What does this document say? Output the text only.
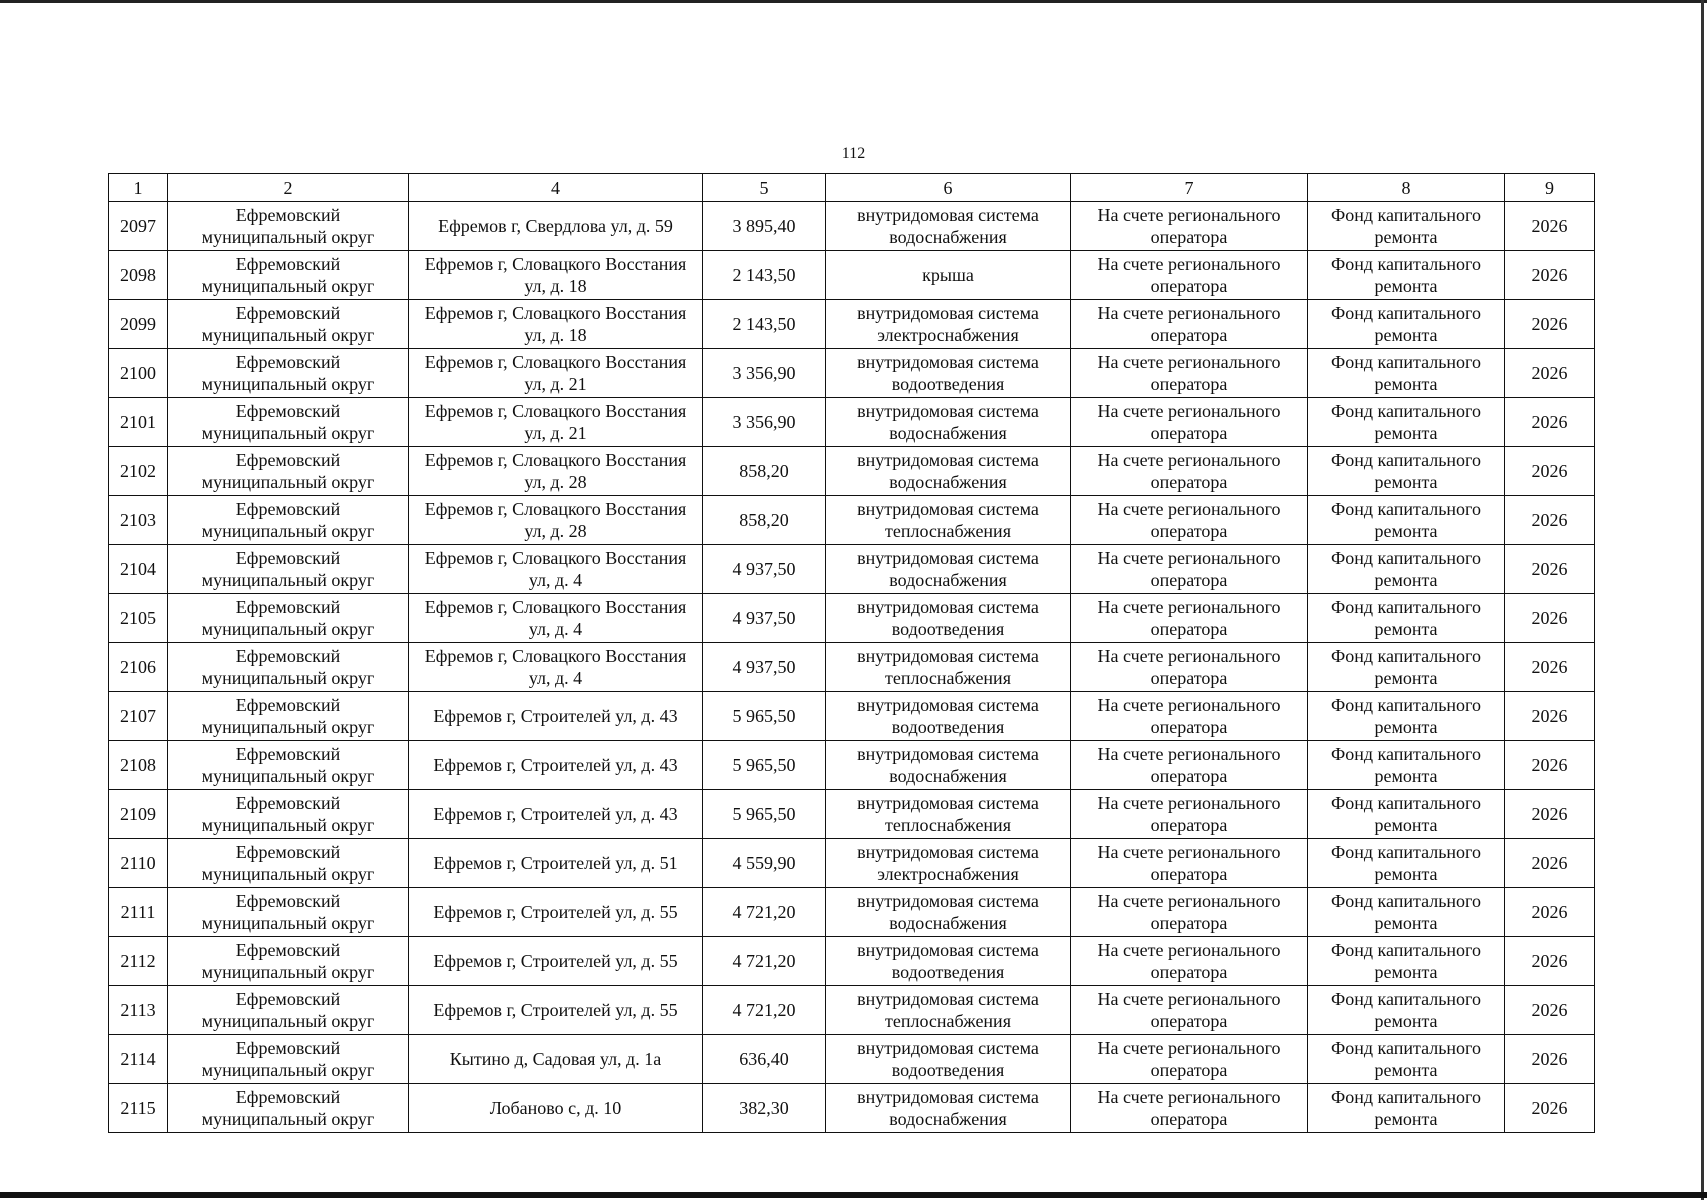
112
1	2	4	5	6	7	8	9
2097	Ефремовский муниципальный округ	Ефремов г, Свердлова ул, д. 59	3 895,40	внутридомовая система водоснабжения	На счете регионального оператора	Фонд капитального ремонта	2026
2098	Ефремовский муниципальный округ	Ефремов г, Словацкого Восстания ул, д. 18	2 143,50	крыша	На счете регионального оператора	Фонд капитального ремонта	2026
2099	Ефремовский муниципальный округ	Ефремов г, Словацкого Восстания ул, д. 18	2 143,50	внутридомовая система электроснабжения	На счете регионального оператора	Фонд капитального ремонта	2026
2100	Ефремовский муниципальный округ	Ефремов г, Словацкого Восстания ул, д. 21	3 356,90	внутридомовая система водоотведения	На счете регионального оператора	Фонд капитального ремонта	2026
2101	Ефремовский муниципальный округ	Ефремов г, Словацкого Восстания ул, д. 21	3 356,90	внутридомовая система водоснабжения	На счете регионального оператора	Фонд капитального ремонта	2026
2102	Ефремовский муниципальный округ	Ефремов г, Словацкого Восстания ул, д. 28	858,20	внутридомовая система водоснабжения	На счете регионального оператора	Фонд капитального ремонта	2026
2103	Ефремовский муниципальный округ	Ефремов г, Словацкого Восстания ул, д. 28	858,20	внутридомовая система теплоснабжения	На счете регионального оператора	Фонд капитального ремонта	2026
2104	Ефремовский муниципальный округ	Ефремов г, Словацкого Восстания ул, д. 4	4 937,50	внутридомовая система водоснабжения	На счете регионального оператора	Фонд капитального ремонта	2026
2105	Ефремовский муниципальный округ	Ефремов г, Словацкого Восстания ул, д. 4	4 937,50	внутридомовая система водоотведения	На счете регионального оператора	Фонд капитального ремонта	2026
2106	Ефремовский муниципальный округ	Ефремов г, Словацкого Восстания ул, д. 4	4 937,50	внутридомовая система теплоснабжения	На счете регионального оператора	Фонд капитального ремонта	2026
2107	Ефремовский муниципальный округ	Ефремов г, Строителей ул, д. 43	5 965,50	внутридомовая система водоотведения	На счете регионального оператора	Фонд капитального ремонта	2026
2108	Ефремовский муниципальный округ	Ефремов г, Строителей ул, д. 43	5 965,50	внутридомовая система водоснабжения	На счете регионального оператора	Фонд капитального ремонта	2026
2109	Ефремовский муниципальный округ	Ефремов г, Строителей ул, д. 43	5 965,50	внутридомовая система теплоснабжения	На счете регионального оператора	Фонд капитального ремонта	2026
2110	Ефремовский муниципальный округ	Ефремов г, Строителей ул, д. 51	4 559,90	внутридомовая система электроснабжения	На счете регионального оператора	Фонд капитального ремонта	2026
2111	Ефремовский муниципальный округ	Ефремов г, Строителей ул, д. 55	4 721,20	внутридомовая система водоснабжения	На счете регионального оператора	Фонд капитального ремонта	2026
2112	Ефремовский муниципальный округ	Ефремов г, Строителей ул, д. 55	4 721,20	внутридомовая система водоотведения	На счете регионального оператора	Фонд капитального ремонта	2026
2113	Ефремовский муниципальный округ	Ефремов г, Строителей ул, д. 55	4 721,20	внутридомовая система теплоснабжения	На счете регионального оператора	Фонд капитального ремонта	2026
2114	Ефремовский муниципальный округ	Кытино д, Садовая ул, д. 1а	636,40	внутридомовая система водоотведения	На счете регионального оператора	Фонд капитального ремонта	2026
2115	Ефремовский муниципальный округ	Лобаново с, д. 10	382,30	внутридомовая система водоснабжения	На счете регионального оператора	Фонд капитального ремонта	2026
